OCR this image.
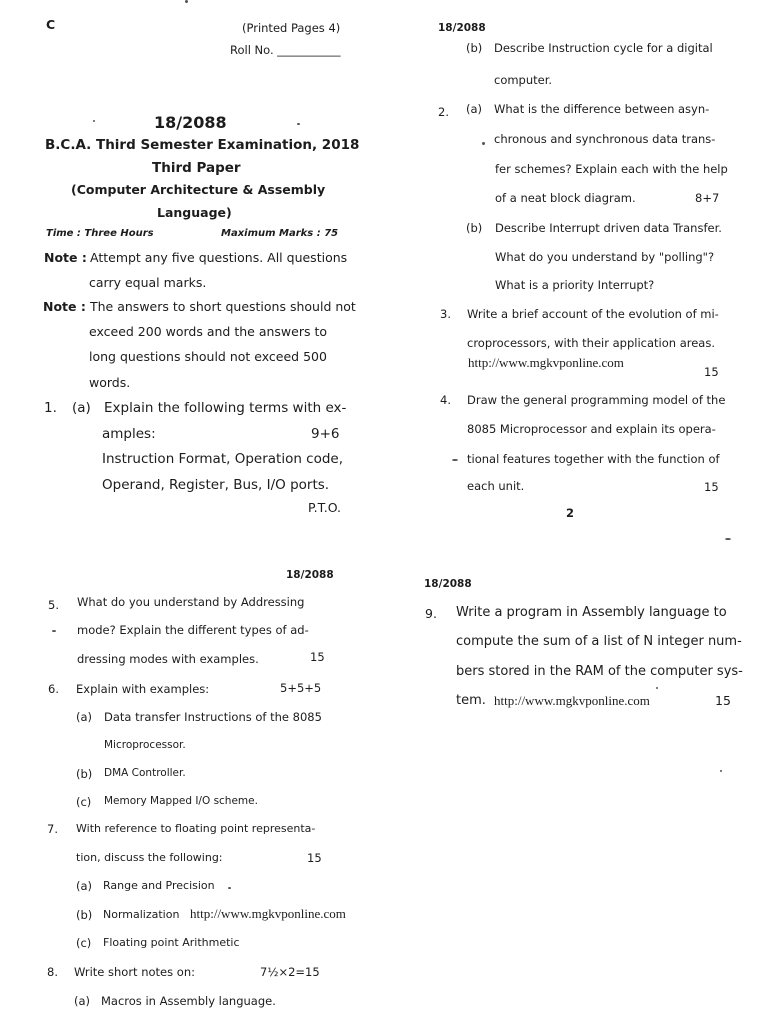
C	(Printed Pages 4)
Roll No. ___________
18/2088
B.C.A. Third Semester Examination, 2018
Third Paper
(Computer Architecture & Assembly
Language)
Time : Three Hours	Maximum Marks : 75
Note : Attempt any five questions. All questions
carry equal marks.
Note : The answers to short questions should not
exceed 200 words and the answers to
long questions should not exceed 500
words.
1. (a) Explain the following terms with ex-
amples:	9+6
Instruction Format, Operation code,
Operand, Register, Bus, I/O ports.
P.T.O.
18/2088
(b) Describe Instruction cycle for a digital
computer.
2. (a) What is the difference between asyn-
chronous and synchronous data trans-
fer schemes? Explain each with the help
of a neat block diagram.	8+7
(b) Describe Interrupt driven data Transfer.
What do you understand by "polling"?
What is a priority Interrupt?
3. Write a brief account of the evolution of mi-
croprocessors, with their application areas.
http://www.mgkvponline.com
15
4. Draw the general programming model of the
8085 Microprocessor and explain its opera-
tional features together with the function of
each unit.	15
2
18/2088
5. What do you understand by Addressing
mode? Explain the different types of ad-
dressing modes with examples.	15
6. Explain with examples:	5+5+5
(a) Data transfer Instructions of the 8085
Microprocessor.
(b) DMA Controller.
(c) Memory Mapped I/O scheme.
7. With reference to floating point representa-
tion, discuss the following:	15
(a) Range and Precision
(b) Normalization http://www.mgkvponline.com
(c) Floating point Arithmetic
8. Write short notes on:	7½×2=15
(a) Macros in Assembly language.
18/2088
9. Write a program in Assembly language to
compute the sum of a list of N integer num-
bers stored in the RAM of the computer sys-
tem. http://www.mgkvponline.com	15
